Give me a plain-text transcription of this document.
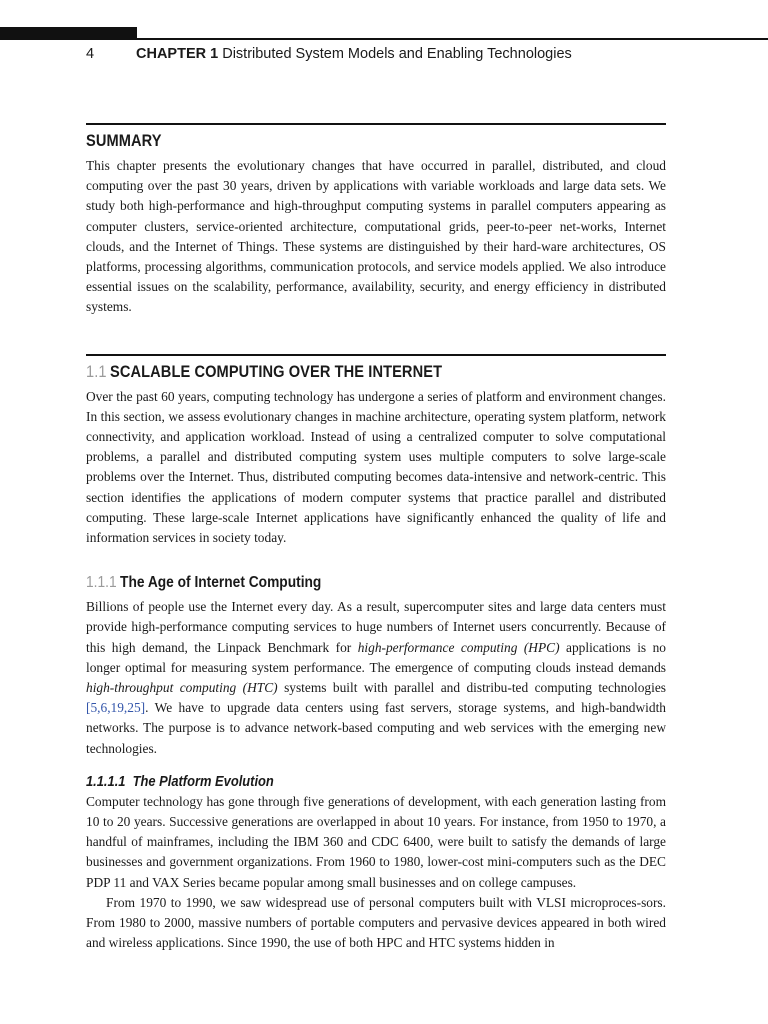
4	CHAPTER 1 Distributed System Models and Enabling Technologies
SUMMARY

This chapter presents the evolutionary changes that have occurred in parallel, distributed, and cloud computing over the past 30 years, driven by applications with variable workloads and large data sets. We study both high-performance and high-throughput computing systems in parallel computers appearing as computer clusters, service-oriented architecture, computational grids, peer-to-peer net-works, Internet clouds, and the Internet of Things. These systems are distinguished by their hard-ware architectures, OS platforms, processing algorithms, communication protocols, and service models applied. We also introduce essential issues on the scalability, performance, availability, security, and energy efficiency in distributed systems.

1.1 SCALABLE COMPUTING OVER THE INTERNET

Over the past 60 years, computing technology has undergone a series of platform and environment changes. In this section, we assess evolutionary changes in machine architecture, operating system platform, network connectivity, and application workload. Instead of using a centralized computer to solve computational problems, a parallel and distributed computing system uses multiple computers to solve large-scale problems over the Internet. Thus, distributed computing becomes data-intensive and network-centric. This section identifies the applications of modern computer systems that practice parallel and distributed computing. These large-scale Internet applications have significantly enhanced the quality of life and information services in society today.

1.1.1 The Age of Internet Computing

Billions of people use the Internet every day. As a result, supercomputer sites and large data centers must provide high-performance computing services to huge numbers of Internet users concurrently. Because of this high demand, the Linpack Benchmark for high-performance computing (HPC) applications is no longer optimal for measuring system performance. The emergence of computing clouds instead demands high-throughput computing (HTC) systems built with parallel and distribu-ted computing technologies [5,6,19,25]. We have to upgrade data centers using fast servers, storage systems, and high-bandwidth networks. The purpose is to advance network-based computing and web services with the emerging new technologies.

1.1.1.1 The Platform Evolution

Computer technology has gone through five generations of development, with each generation lasting from 10 to 20 years. Successive generations are overlapped in about 10 years. For instance, from 1950 to 1970, a handful of mainframes, including the IBM 360 and CDC 6400, were built to satisfy the demands of large businesses and government organizations. From 1960 to 1980, lower-cost mini-computers such as the DEC PDP 11 and VAX Series became popular among small businesses and on college campuses.

From 1970 to 1990, we saw widespread use of personal computers built with VLSI microproces-sors. From 1980 to 2000, massive numbers of portable computers and pervasive devices appeared in both wired and wireless applications. Since 1990, the use of both HPC and HTC systems hidden in
